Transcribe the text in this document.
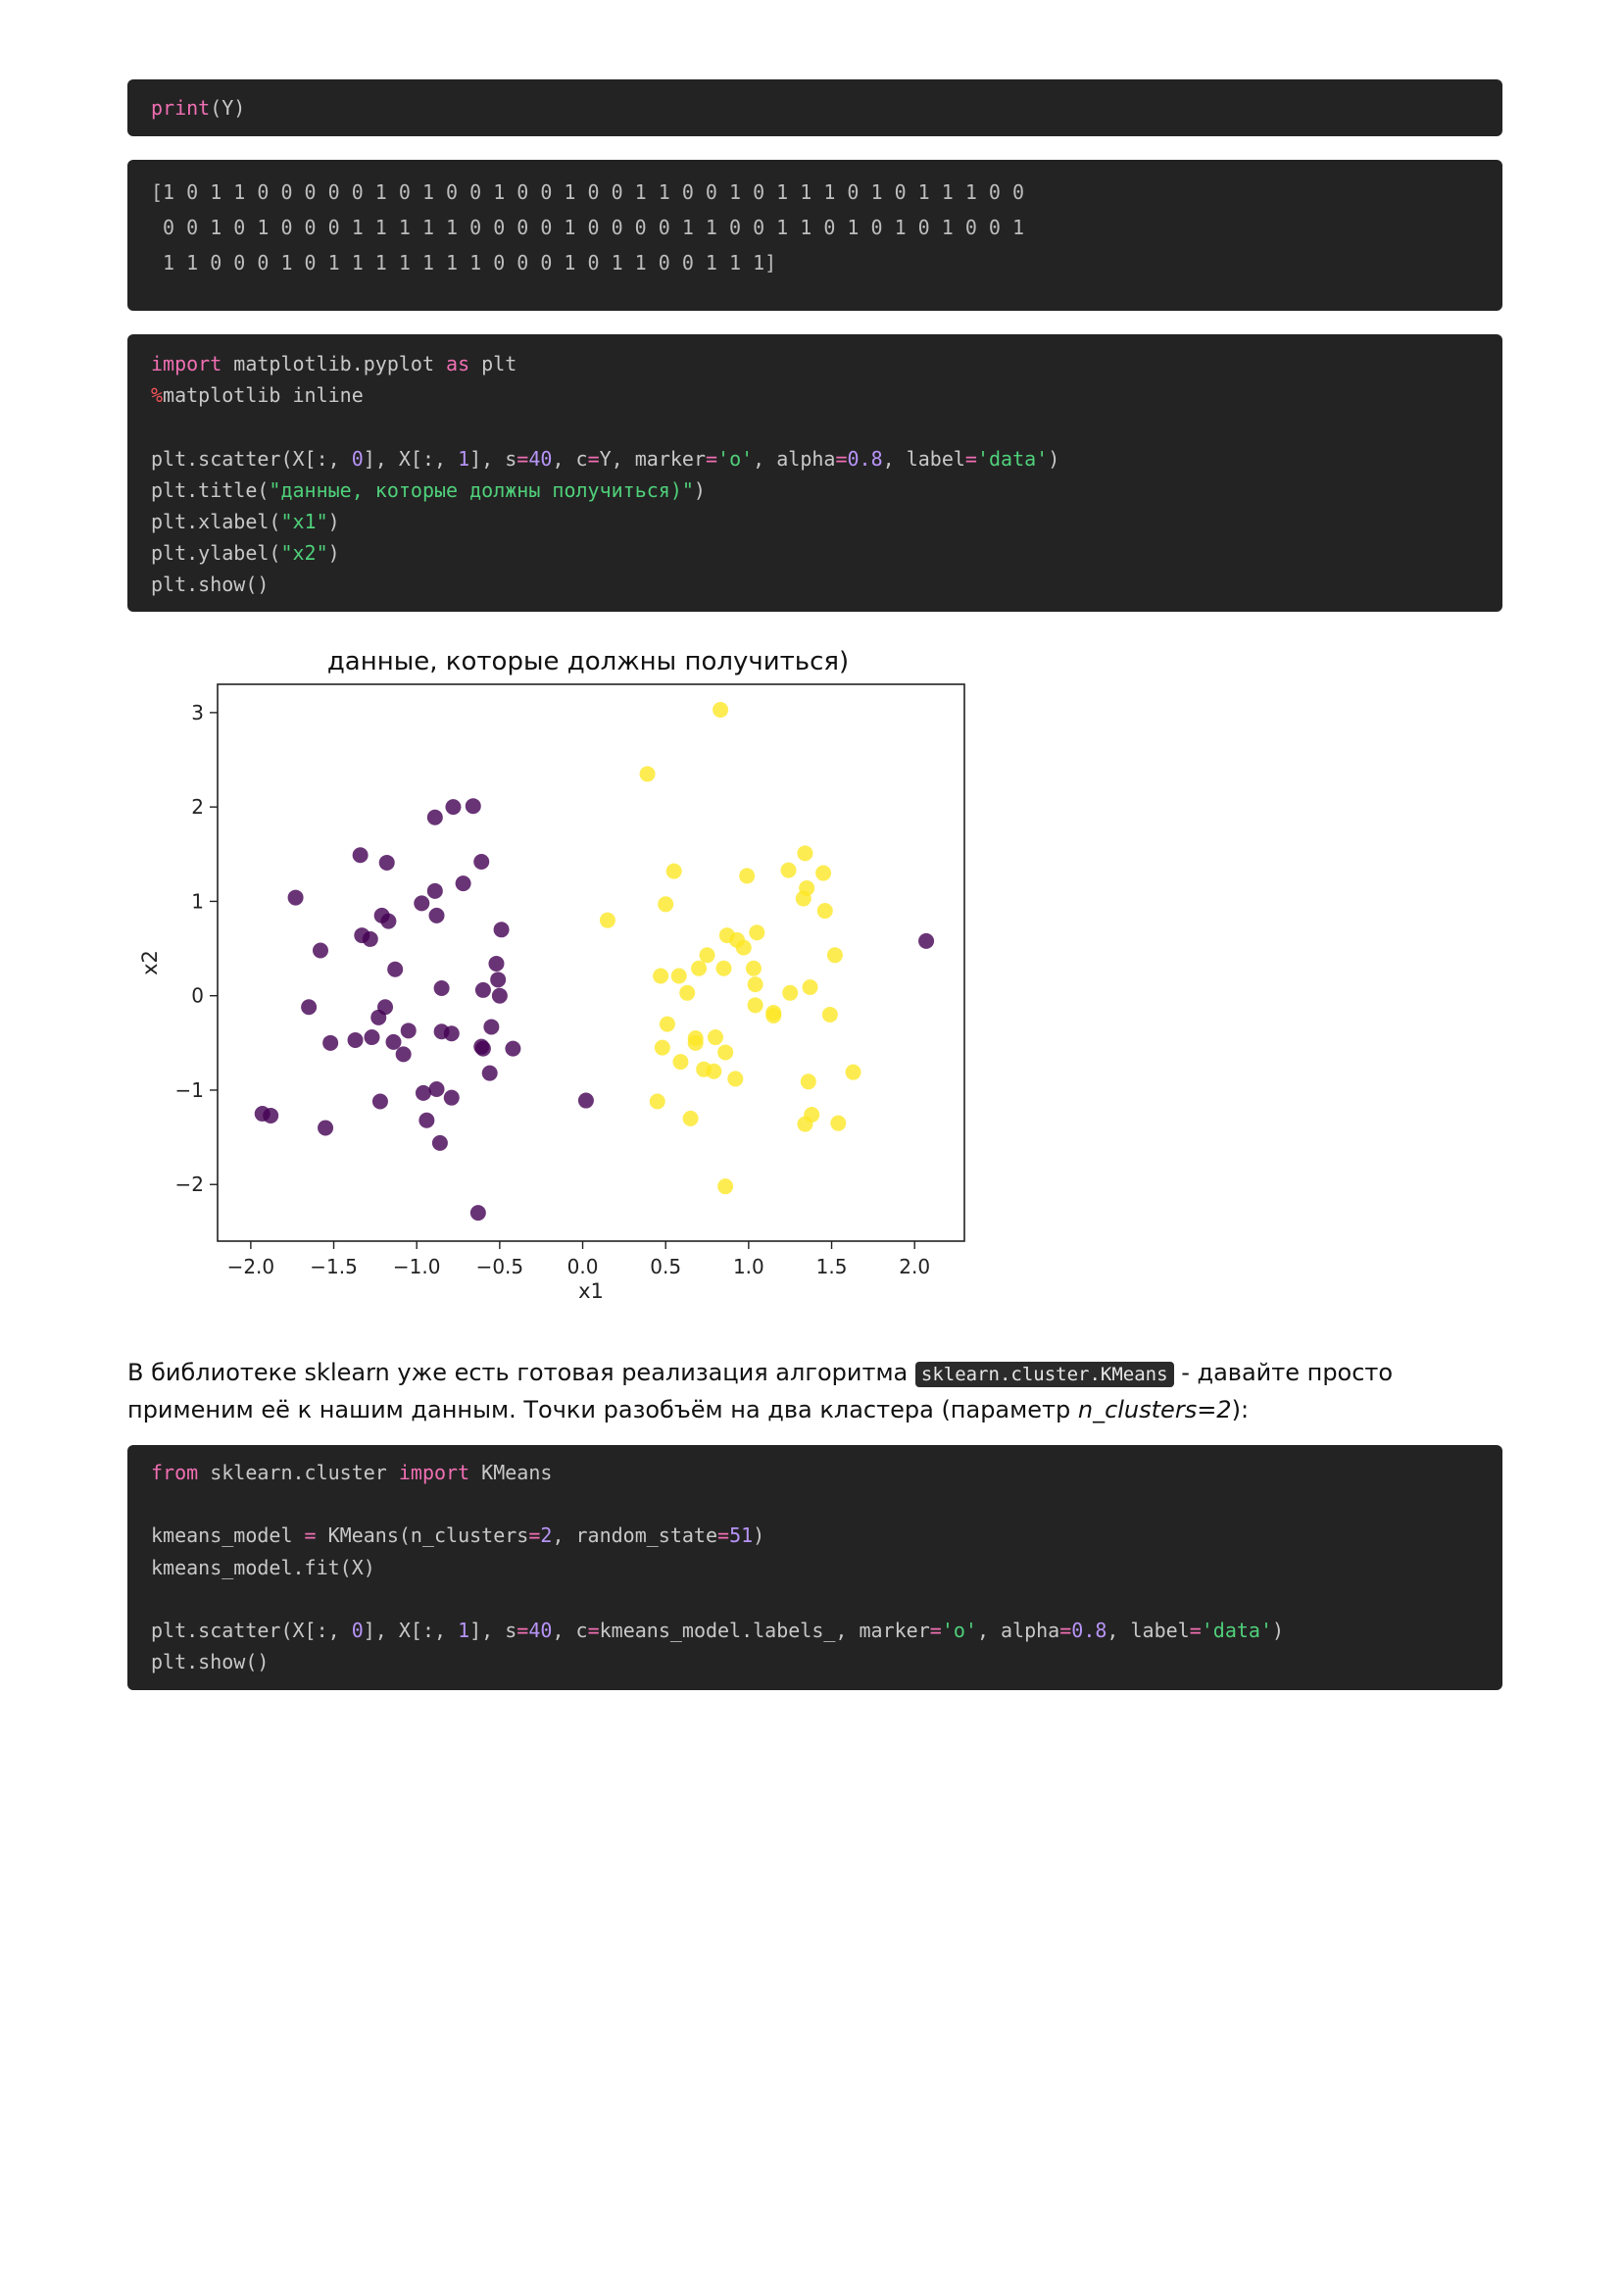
print(Y)
[1 0 1 1 0 0 0 0 0 1 0 1 0 0 1 0 0 1 0 0 1 1 0 0 1 0 1 1 1 0 1 0 1 1 1 0 0
0 0 1 0 1 0 0 0 1 1 1 1 1 0 0 0 0 1 0 0 0 0 1 1 0 0 1 1 0 1 0 1 0 1 0 0 1
1 1 0 0 0 1 0 1 1 1 1 1 1 1 0 0 0 1 0 1 1 0 0 1 1 1]
import matplotlib.pyplot as plt
%matplotlib inline

plt.scatter(X[:, 0], X[:, 1], s=40, c=Y, marker='o', alpha=0.8, label='data')
plt.title("данные, которые должны получиться)")
plt.xlabel("x1")
plt.ylabel("x2")
plt.show()
данные, которые должны получиться)
−2.0 −1.5 −1.0 −0.5 0.0	0.5	1.0	1.5	2.0
−2
−1
0
1
2
3
x1
x2
В библиотеке sklearn уже есть готовая реализация алгоритма sklearn.cluster.KMeans - давайте просто применим её к нашим данным. Точки разобъём на два кластера (параметр n_clusters=2):
from sklearn.cluster import KMeans

kmeans_model = KMeans(n_clusters=2, random_state=51)
kmeans_model.fit(X)

plt.scatter(X[:, 0], X[:, 1], s=40, c=kmeans_model.labels_, marker='o', alpha=0.8, label='data')
plt.show()
